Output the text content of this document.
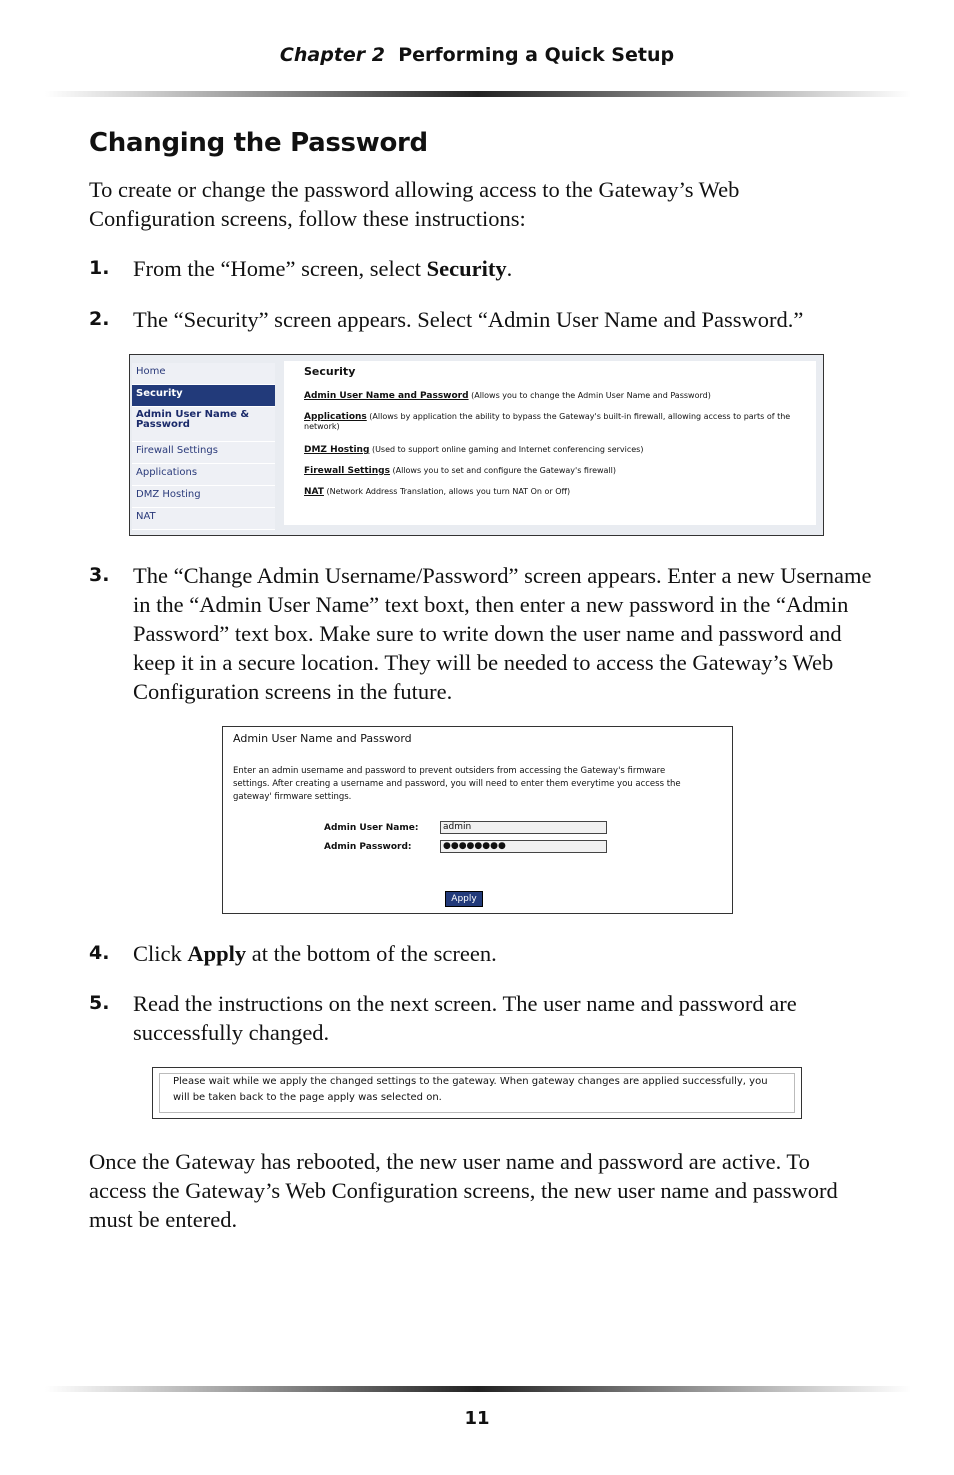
Chapter 2 Performing a Quick Setup
Changing the Password
To create or change the password allowing access to the Gateway’s Web Configuration screens, follow these instructions:
1. From the “Home” screen, select Security.
2. The “Security” screen appears. Select “Admin User Name and Password.”
Home
Security
Admin User Name & Password
Firewall Settings
Applications
DMZ Hosting
NAT
Security
Admin User Name and Password (Allows you to change the Admin User Name and Password)
Applications (Allows by application the ability to bypass the Gateway's built-in firewall, allowing access to parts of the network)
DMZ Hosting (Used to support online gaming and Internet conferencing services)
Firewall Settings (Allows you to set and configure the Gateway's firewall)
NAT (Network Address Translation, allows you turn NAT On or Off)
3. The “Change Admin Username/Password” screen appears. Enter a new Username in the “Admin User Name” text boxt, then enter a new password in the “Admin Password” text box. Make sure to write down the user name and password and keep it in a secure location. They will be needed to access the Gateway’s Web Configuration screens in the future.
Admin User Name and Password
Enter an admin username and password to prevent outsiders from accessing the Gateway's firmware settings. After creating a username and password, you will need to enter them everytime you access the gateway' firmware settings.
Admin User Name:	admin
Admin Password:	●●●●●●●●
Apply
4. Click Apply at the bottom of the screen.
5. Read the instructions on the next screen. The user name and password are successfully changed.
Please wait while we apply the changed settings to the gateway. When gateway changes are applied successfully, you will be taken back to the page apply was selected on.
Once the Gateway has rebooted, the new user name and password are active. To access the Gateway’s Web Configuration screens, the new user name and password must be entered.
11
